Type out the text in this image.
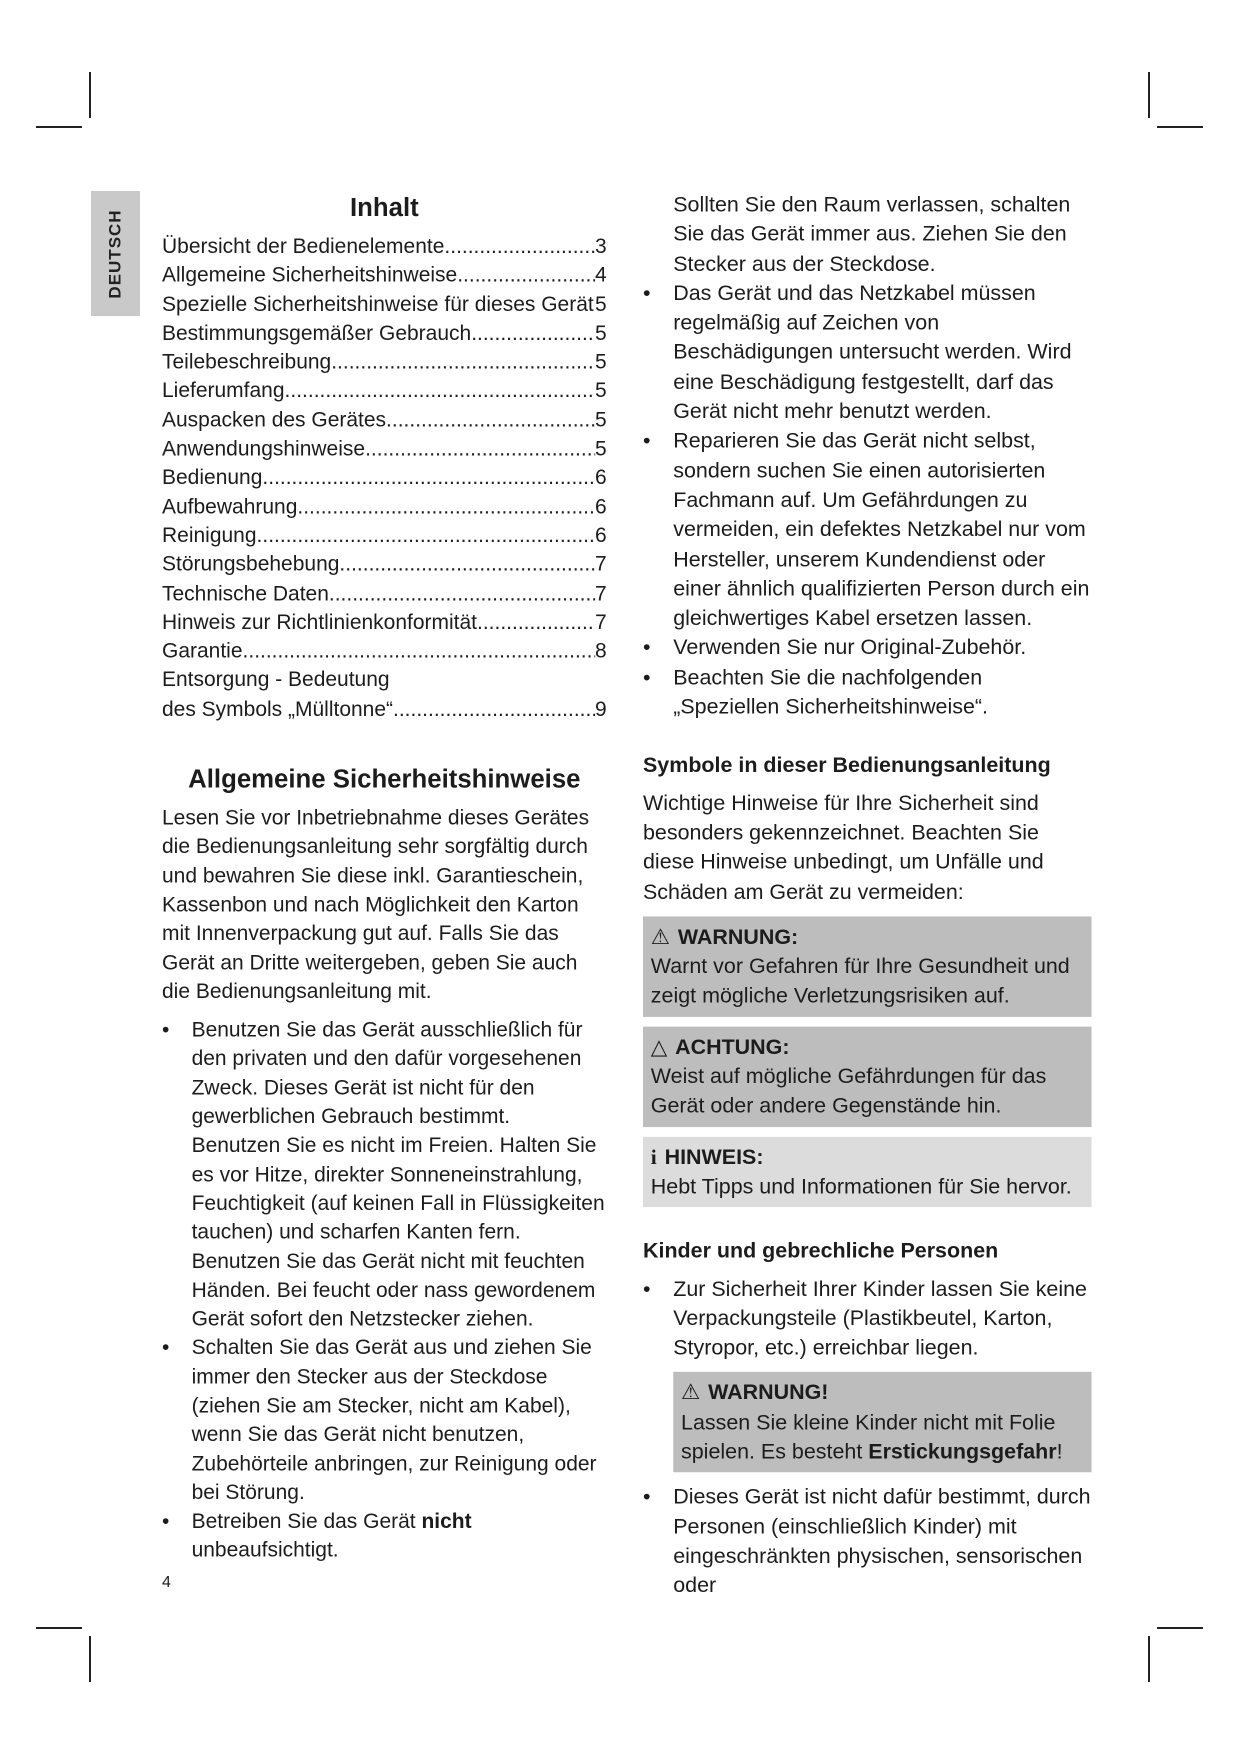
DEUTSCH
Inhalt
Übersicht der Bedienelemente .....	3
Allgemeine Sicherheitshinweise .....	4
Spezielle Sicherheitshinweise für dieses Gerät ..... 5
Bestimmungsgemäßer Gebrauch .....	5
Teilebeschreibung .....	5
Lieferumfang .....	5
Auspacken des Gerätes .....	5
Anwendungshinweise .....	5
Bedienung .....	6
Aufbewahrung .....	6
Reinigung .....	6
Störungsbehebung .....	7
Technische Daten .....	7
Hinweis zur Richtlinienkonformität .....	7
Garantie .....	8
Entsorgung - Bedeutung
des Symbols „Mülltonne“ .....	9
Allgemeine Sicherheitshinweise

Lesen Sie vor Inbetriebnahme dieses Gerätes die Bedienungsanleitung sehr sorgfältig durch und bewahren Sie diese inkl. Garantieschein, Kassenbon und nach Möglichkeit den Karton mit Innenverpackung gut auf. Falls Sie das Gerät an Dritte weitergeben, geben Sie auch die Bedienungsanleitung mit.

•	Benutzen Sie das Gerät ausschließlich für den privaten und den dafür vorgesehenen Zweck. Dieses Gerät ist nicht für den gewerblichen Gebrauch bestimmt.

Benutzen Sie es nicht im Freien. Halten Sie es vor Hitze, direkter Sonneneinstrahlung, Feuchtigkeit (auf keinen Fall in Flüssigkeiten tauchen) und scharfen Kanten fern. Benutzen Sie das Gerät nicht mit feuchten Händen. Bei feucht oder nass gewordenem Gerät sofort den Netzstecker ziehen.

•	Schalten Sie das Gerät aus und ziehen Sie immer den Stecker aus der Steckdose (ziehen Sie am Stecker, nicht am Kabel), wenn Sie das Gerät nicht benutzen, Zubehörteile anbringen, zur Reinigung oder bei Störung.
•	Betreiben Sie das Gerät nicht unbeaufsichtigt.
4

Sollten Sie den Raum verlassen, schalten Sie das Gerät immer aus. Ziehen Sie den Stecker aus der Steckdose.

•	Das Gerät und das Netzkabel müssen regelmäßig auf Zeichen von Beschädigungen untersucht werden. Wird eine Beschädigung festgestellt, darf das Gerät nicht mehr benutzt werden.
•	Reparieren Sie das Gerät nicht selbst, sondern suchen Sie einen autorisierten Fachmann auf. Um Gefährdungen zu vermeiden, ein defektes Netzkabel nur vom Hersteller, unserem Kundendienst oder einer ähnlich qualifizierten Person durch ein gleichwertiges Kabel ersetzen lassen.
•	Verwenden Sie nur Original-Zubehör.
•	Beachten Sie die nachfolgenden „Speziellen Sicherheitshinweise“.
Symbole in dieser Bedienungsanleitung

Wichtige Hinweise für Ihre Sicherheit sind besonders gekennzeichnet. Beachten Sie diese Hinweise unbedingt, um Unfälle und Schäden am Gerät zu vermeiden:

⚠ WARNUNG:
Warnt vor Gefahren für Ihre Gesundheit und zeigt mögliche Verletzungsrisiken auf.
△ ACHTUNG:
Weist auf mögliche Gefährdungen für das Gerät oder andere Gegenstände hin.
i HINWEIS:
Hebt Tipps und Informationen für Sie hervor.
Kinder und gebrechliche Personen
•	Zur Sicherheit Ihrer Kinder lassen Sie keine Verpackungsteile (Plastikbeutel, Karton, Styropor, etc.) erreichbar liegen.
⚠ WARNUNG!
Lassen Sie kleine Kinder nicht mit Folie spielen. Es besteht Erstickungsgefahr!
•	Dieses Gerät ist nicht dafür bestimmt, durch Personen (einschließlich Kinder) mit eingeschränkten physischen, sensorischen oder
